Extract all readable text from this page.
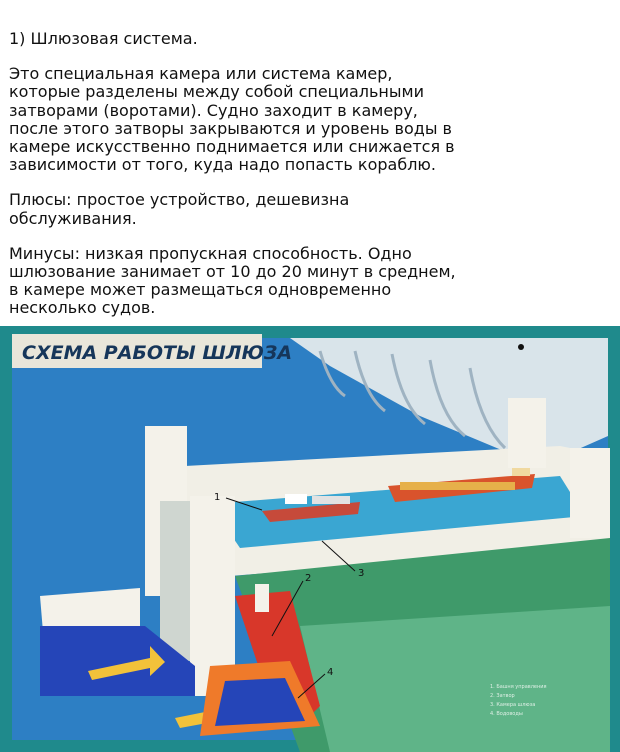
1) Шлюзовая система.

Это специальная камера или система камер,
которые разделены между собой специальными
затворами (воротами). Судно заходит в камеру,
после этого затворы закрываются и уровень воды в
камере искусственно поднимается или снижается в
зависимости от того, куда надо попасть кораблю.

Плюсы: простое устройство, дешевизна
обслуживания.

Минусы: низкая пропускная способность. Одно
шлюзование занимает от 10 до 20 минут в среднем,
в камере может размещаться одновременно
несколько судов.

СХЕМА РАБОТЫ ШЛЮЗА
1
2	3
4
1. Башня управления
2. Затвор
3. Камера шлюза
4. Водоводы
